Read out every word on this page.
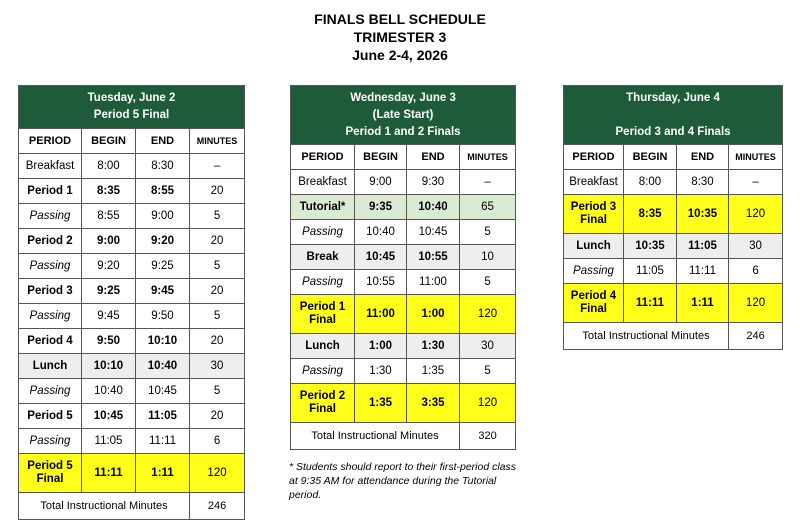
FINALS BELL SCHEDULE
TRIMESTER 3
June 2-4, 2026
Tuesday, June 2
Period 5 Final			
PERIOD	BEGIN	END	MINUTES
Breakfast	8:00	8:30	–
Period 1	8:35	8:55	20
Passing	8:55	9:00	5
Period 2	9:00	9:20	20
Passing	9:20	9:25	5
Period 3	9:25	9:45	20
Passing	9:45	9:50	5
Period 4	9:50	10:10	20
Lunch	10:10	10:40	30
Passing	10:40	10:45	5
Period 5	10:45	11:05	20
Passing	11:05	11:11	6
Period 5 Final	11:11	1:11	120
Total Instructional Minutes			246
Wednesday, June 3
(Late Start)
Period 1 and 2 Finals			
PERIOD	BEGIN	END	MINUTES
Breakfast	9:00	9:30	–
Tutorial*	9:35	10:40	65
Passing	10:40	10:45	5
Break	10:45	10:55	10
Passing	10:55	11:00	5
Period 1 Final	11:00	1:00	120
Lunch	1:00	1:30	30
Passing	1:30	1:35	5
Period 2 Final	1:35	3:35	120
Total Instructional Minutes			320
* Students should report to their first-period class at 9:35 AM for attendance during the Tutorial period.
Thursday, June 4

Period 3 and 4 Finals			
PERIOD	BEGIN	END	MINUTES
Breakfast	8:00	8:30	–
Period 3 Final	8:35	10:35	120
Lunch	10:35	11:05	30
Passing	11:05	11:11	6
Period 4 Final	11:11	1:11	120
Total Instructional Minutes			246
